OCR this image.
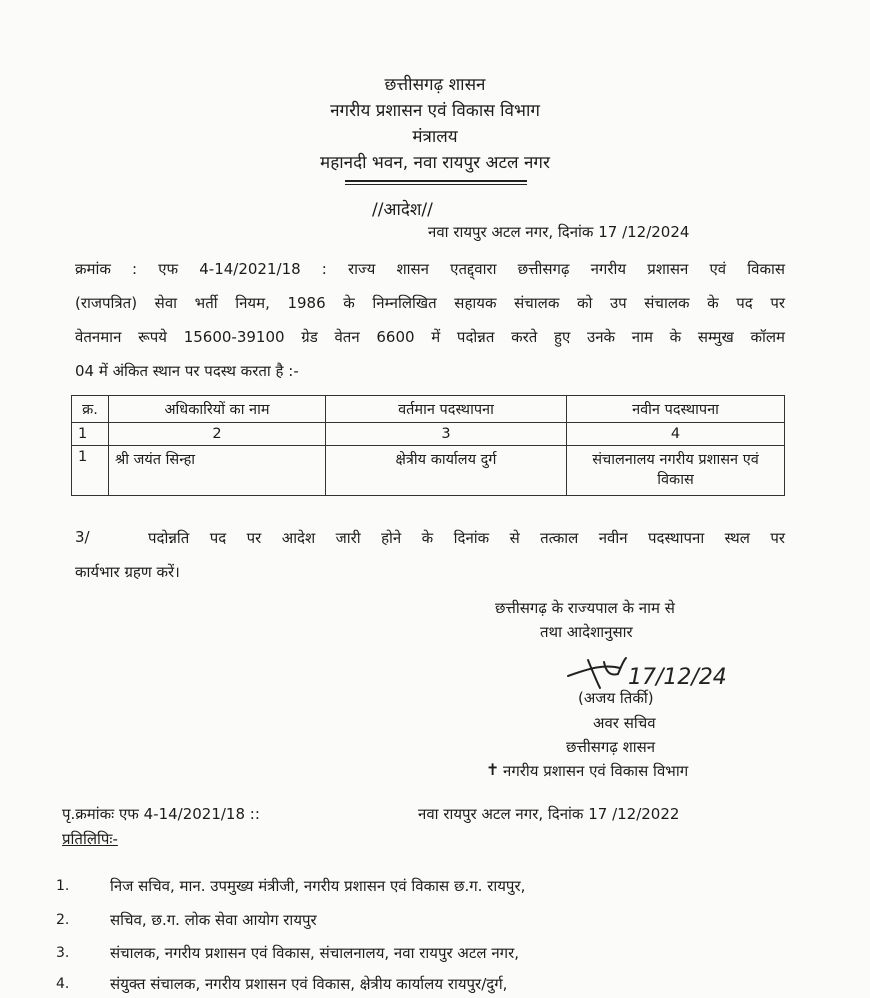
छत्तीसगढ़ शासन
नगरीय प्रशासन एवं विकास विभाग
मंत्रालय
महानदी भवन, नवा रायपुर अटल नगर
//आदेश//
नवा रायपुर अटल नगर, दिनांक 17 /12/2024
क्रमांक : एफ 4-14/2021/18 : राज्य शासन एतद्द्वारा छत्तीसगढ़ नगरीय प्रशासन एवं विकास
(राजपत्रित) सेवा भर्ती नियम, 1986 के निम्नलिखित सहायक संचालक को उप संचालक के पद पर
वेतनमान रूपये 15600-39100 ग्रेड वेतन 6600 में पदोन्नत करते हुए उनके नाम के सम्मुख कॉलम
04 में अंकित स्थान पर पदस्थ करता है :-
क्र.	अधिकारियों का नाम	वर्तमान पदस्थापना	नवीन पदस्थापना
1	2	3	4
1	श्री जयंत सिन्हा	क्षेत्रीय कार्यालय दुर्ग	संचालनालय नगरीय प्रशासन एवं विकास
3/	पदोन्नति पद पर आदेश जारी होने के दिनांक से तत्काल नवीन पदस्थापना स्थल पर
कार्यभार ग्रहण करें।
छत्तीसगढ़ के राज्यपाल के नाम से
तथा आदेशानुसार
17/12/24
(अजय तिर्की)
अवर सचिव
छत्तीसगढ़ शासन
✝ नगरीय प्रशासन एवं विकास विभाग
पृ.क्रमांकः एफ 4-14/2021/18 ::	नवा रायपुर अटल नगर, दिनांक 17 /12/2022
प्रतिलिपिः-
1.	निज सचिव, मान. उपमुख्य मंत्रीजी, नगरीय प्रशासन एवं विकास छ.ग. रायपुर,
2.	सचिव, छ.ग. लोक सेवा आयोग रायपुर
3.	संचालक, नगरीय प्रशासन एवं विकास, संचालनालय, नवा रायपुर अटल नगर,
4.	संयुक्त संचालक, नगरीय प्रशासन एवं विकास, क्षेत्रीय कार्यालय रायपुर/दुर्ग,
